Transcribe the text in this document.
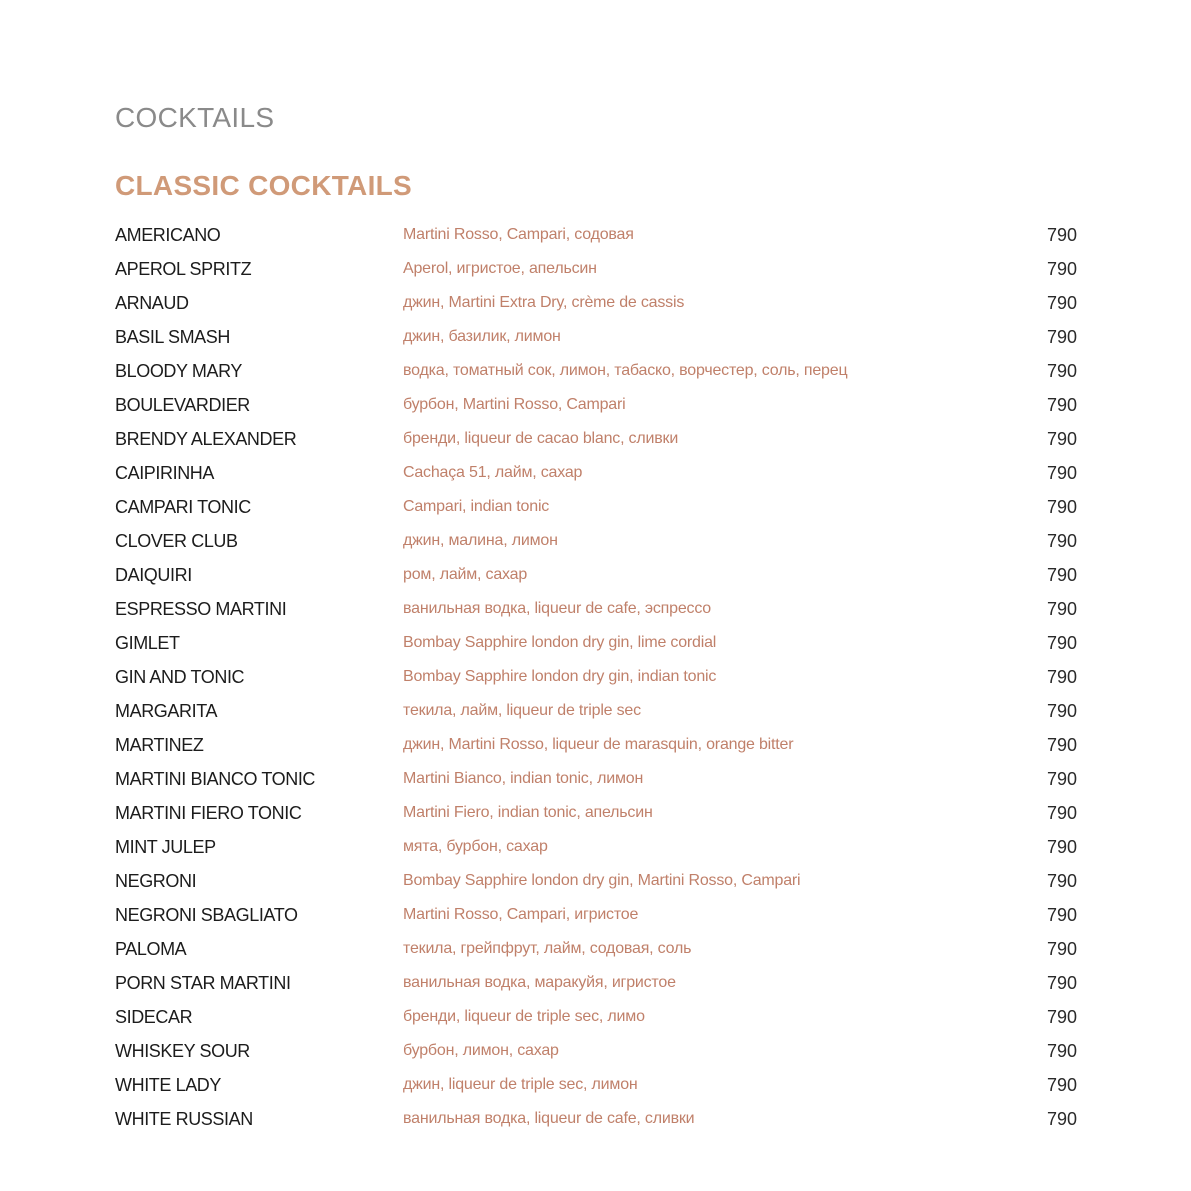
COCKTAILS
CLASSIC COCKTAILS
AMERICANO	Martini Rosso, Campari, содовая	790
APEROL SPRITZ	Aperol, игристое, апельсин	790
ARNAUD	джин, Martini Extra Dry, crème de cassis	790
BASIL SMASH	джин, базилик, лимон	790
BLOODY MARY	водка, томатный сок, лимон, табаско, ворчестер, соль, перец	790
BOULEVARDIER	бурбон, Martini Rosso, Campari	790
BRENDY ALEXANDER	бренди, liqueur de cacao blanc, сливки	790
CAIPIRINHA	Cachaça 51, лайм, сахар	790
CAMPARI TONIC	Campari, indian tonic	790
CLOVER CLUB	джин, малина, лимон	790
DAIQUIRI	ром, лайм, сахар	790
ESPRESSO MARTINI	ванильная водка, liqueur de cafe, эспрессо	790
GIMLET	Bombay Sapphire london dry gin, lime cordial	790
GIN AND TONIC	Bombay Sapphire london dry gin, indian tonic	790
MARGARITA	текила, лайм, liqueur de triple sec	790
MARTINEZ	джин, Martini Rosso, liqueur de marasquin, orange bitter	790
MARTINI BIANCO TONIC	Martini Bianco, indian tonic, лимон	790
MARTINI FIERO TONIC	Martini Fiero, indian tonic, апельсин	790
MINT JULEP	мята, бурбон, сахар	790
NEGRONI	Bombay Sapphire london dry gin, Martini Rosso, Campari	790
NEGRONI SBAGLIATO	Martini Rosso, Campari, игристое	790
PALOMA	текила, грейпфрут, лайм, содовая, соль	790
PORN STAR MARTINI	ванильная водка, маракуйя, игристое	790
SIDECAR	бренди, liqueur de triple sec, лимо	790
WHISKEY SOUR	бурбон, лимон, сахар	790
WHITE LADY	джин, liqueur de triple sec, лимон	790
WHITE RUSSIAN	ванильная водка, liqueur de cafe, сливки	790
